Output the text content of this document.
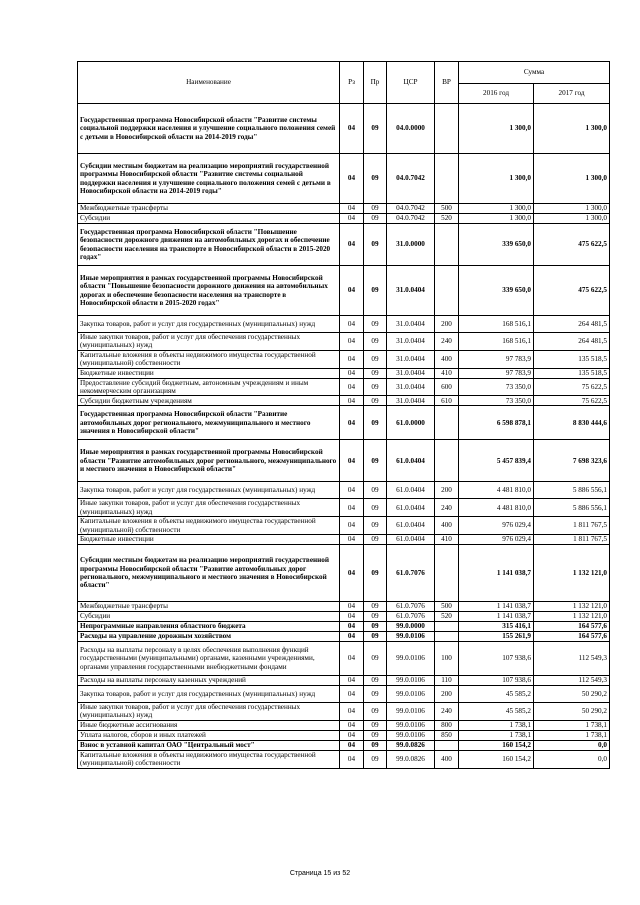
Наименование	Рз	Пр	ЦСР	ВР	Сумма	
					2016 год	2017 год
Государственная программа Новосибирской области "Развитие системы социальной поддержки населения и улучшение социального положения семей с детьми в Новосибирской области на 2014-2019 годы"	04	09	04.0.0000		1 300,0	1 300,0
Субсидии местным бюджетам на реализацию мероприятий государственной программы Новосибирской области "Развитие системы социальной поддержки населения и улучшение социального положения семей с детьми в Новосибирской области на 2014-2019 годы"	04	09	04.0.7042		1 300,0	1 300,0
Межбюджетные трансферты	04	09	04.0.7042	500	1 300,0	1 300,0
Субсидии	04	09	04.0.7042	520	1 300,0	1 300,0
Государственная программа Новосибирской области "Повышение безопасности дорожного движения на автомобильных дорогах и обеспечение безопасности населения на транспорте в Новосибирской области в 2015-2020 годах"	04	09	31.0.0000		339 650,0	475 622,5
Иные мероприятия в рамках государственной программы Новосибирской области "Повышение безопасности дорожного движения на автомобильных дорогах и обеспечение безопасности населения на транспорте в Новосибирской области в 2015-2020 годах"	04	09	31.0.0404		339 650,0	475 622,5
Закупка товаров, работ и услуг для государственных (муниципальных) нужд	04	09	31.0.0404	200	168 516,1	264 481,5
Иные закупки товаров, работ и услуг для обеспечения государственных (муниципальных) нужд	04	09	31.0.0404	240	168 516,1	264 481,5
Капитальные вложения в объекты недвижимого имущества государственной (муниципальной) собственности	04	09	31.0.0404	400	97 783,9	135 518,5
Бюджетные инвестиции	04	09	31.0.0404	410	97 783,9	135 518,5
Предоставление субсидий бюджетным, автономным учреждениям и иным некоммерческим организациям	04	09	31.0.0404	600	73 350,0	75 622,5
Субсидии бюджетным учреждениям	04	09	31.0.0404	610	73 350,0	75 622,5
Государственная программа Новосибирской области "Развитие автомобильных дорог регионального, межмуниципального и местного значения в Новосибирской области"	04	09	61.0.0000		6 598 878,1	8 830 444,6
Иные мероприятия в рамках государственной программы Новосибирской области "Развитие автомобильных дорог регионального, межмуниципального и местного значения в Новосибирской области"	04	09	61.0.0404		5 457 839,4	7 698 323,6
Закупка товаров, работ и услуг для государственных (муниципальных) нужд	04	09	61.0.0404	200	4 481 810,0	5 886 556,1
Иные закупки товаров, работ и услуг для обеспечения государственных (муниципальных) нужд	04	09	61.0.0404	240	4 481 810,0	5 886 556,1
Капитальные вложения в объекты недвижимого имущества государственной (муниципальной) собственности	04	09	61.0.0404	400	976 029,4	1 811 767,5
Бюджетные инвестиции	04	09	61.0.0404	410	976 029,4	1 811 767,5
Субсидии местным бюджетам на реализацию мероприятий государственной программы Новосибирской области "Развитие автомобильных дорог регионального, межмуниципального и местного значения в Новосибирской области"	04	09	61.0.7076		1 141 038,7	1 132 121,0
Межбюджетные трансферты	04	09	61.0.7076	500	1 141 038,7	1 132 121,0
Субсидии	04	09	61.0.7076	520	1 141 038,7	1 132 121,0
Непрограммные направления областного бюджета	04	09	99.0.0000		315 416,1	164 577,6
Расходы на управление дорожным хозяйством	04	09	99.0.0106		155 261,9	164 577,6
Расходы на выплаты персоналу в целях обеспечения выполнения функций государственными (муниципальными) органами, казенными учреждениями, органами управления государственными внебюджетными фондами	04	09	99.0.0106	100	107 938,6	112 549,3
Расходы на выплаты персоналу казенных учреждений	04	09	99.0.0106	110	107 938,6	112 549,3
Закупка товаров, работ и услуг для государственных (муниципальных) нужд	04	09	99.0.0106	200	45 585,2	50 290,2
Иные закупки товаров, работ и услуг для обеспечения государственных (муниципальных) нужд	04	09	99.0.0106	240	45 585,2	50 290,2
Иные бюджетные ассигнования	04	09	99.0.0106	800	1 738,1	1 738,1
Уплата налогов, сборов и иных платежей	04	09	99.0.0106	850	1 738,1	1 738,1
Взнос в уставной капитал ОАО "Центральный мост"	04	09	99.0.0826		160 154,2	0,0
Капитальные вложения в объекты недвижимого имущества государственной (муниципальной) собственности	04	09	99.0.0826	400	160 154,2	0,0
Страница 15 из 52
